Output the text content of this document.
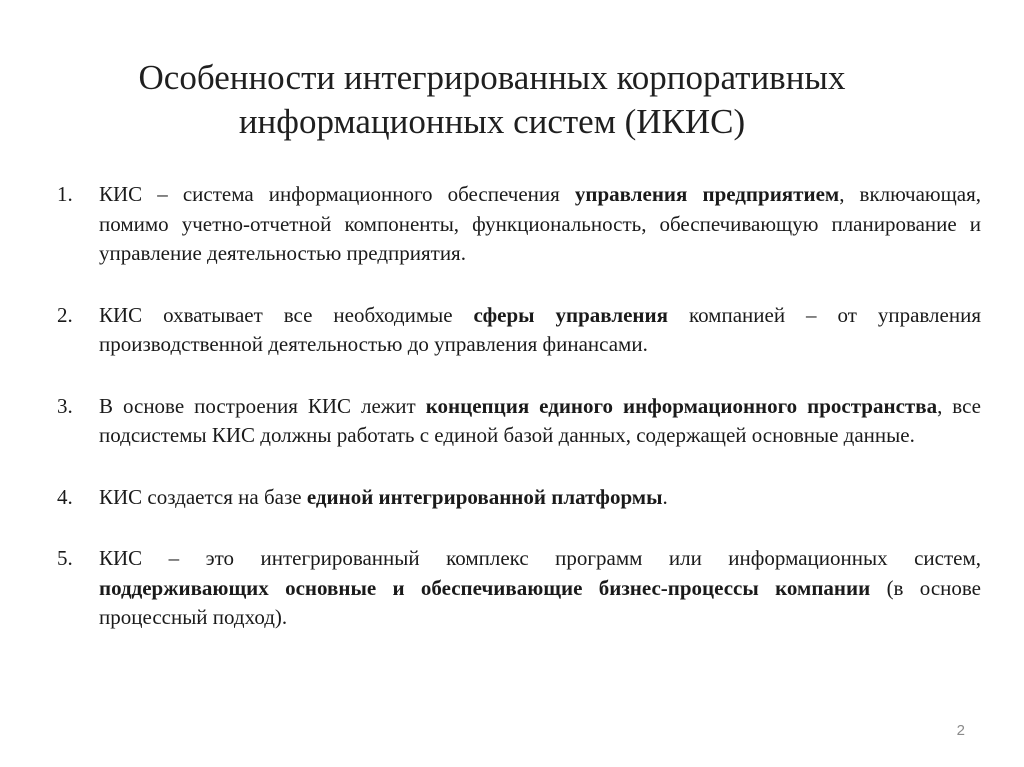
Особенности интегрированных корпоративных
информационных систем (ИКИС)
1. КИС – система информационного обеспечения управления предприятием, включающая, помимо учетно-отчетной компоненты, функциональность, обеспечивающую планирование и управление деятельностью предприятия.
2. КИС охватывает все необходимые сферы управления компанией – от управления производственной деятельностью до управления финансами.
3. В основе построения КИС лежит концепция единого информационного пространства, все подсистемы КИС должны работать с единой базой данных, содержащей основные данные.
4. КИС создается на базе единой интегрированной платформы.
5. КИС – это интегрированный комплекс программ или информационных систем, поддерживающих основные и обеспечивающие бизнес-процессы компании (в основе процессный подход).
2
